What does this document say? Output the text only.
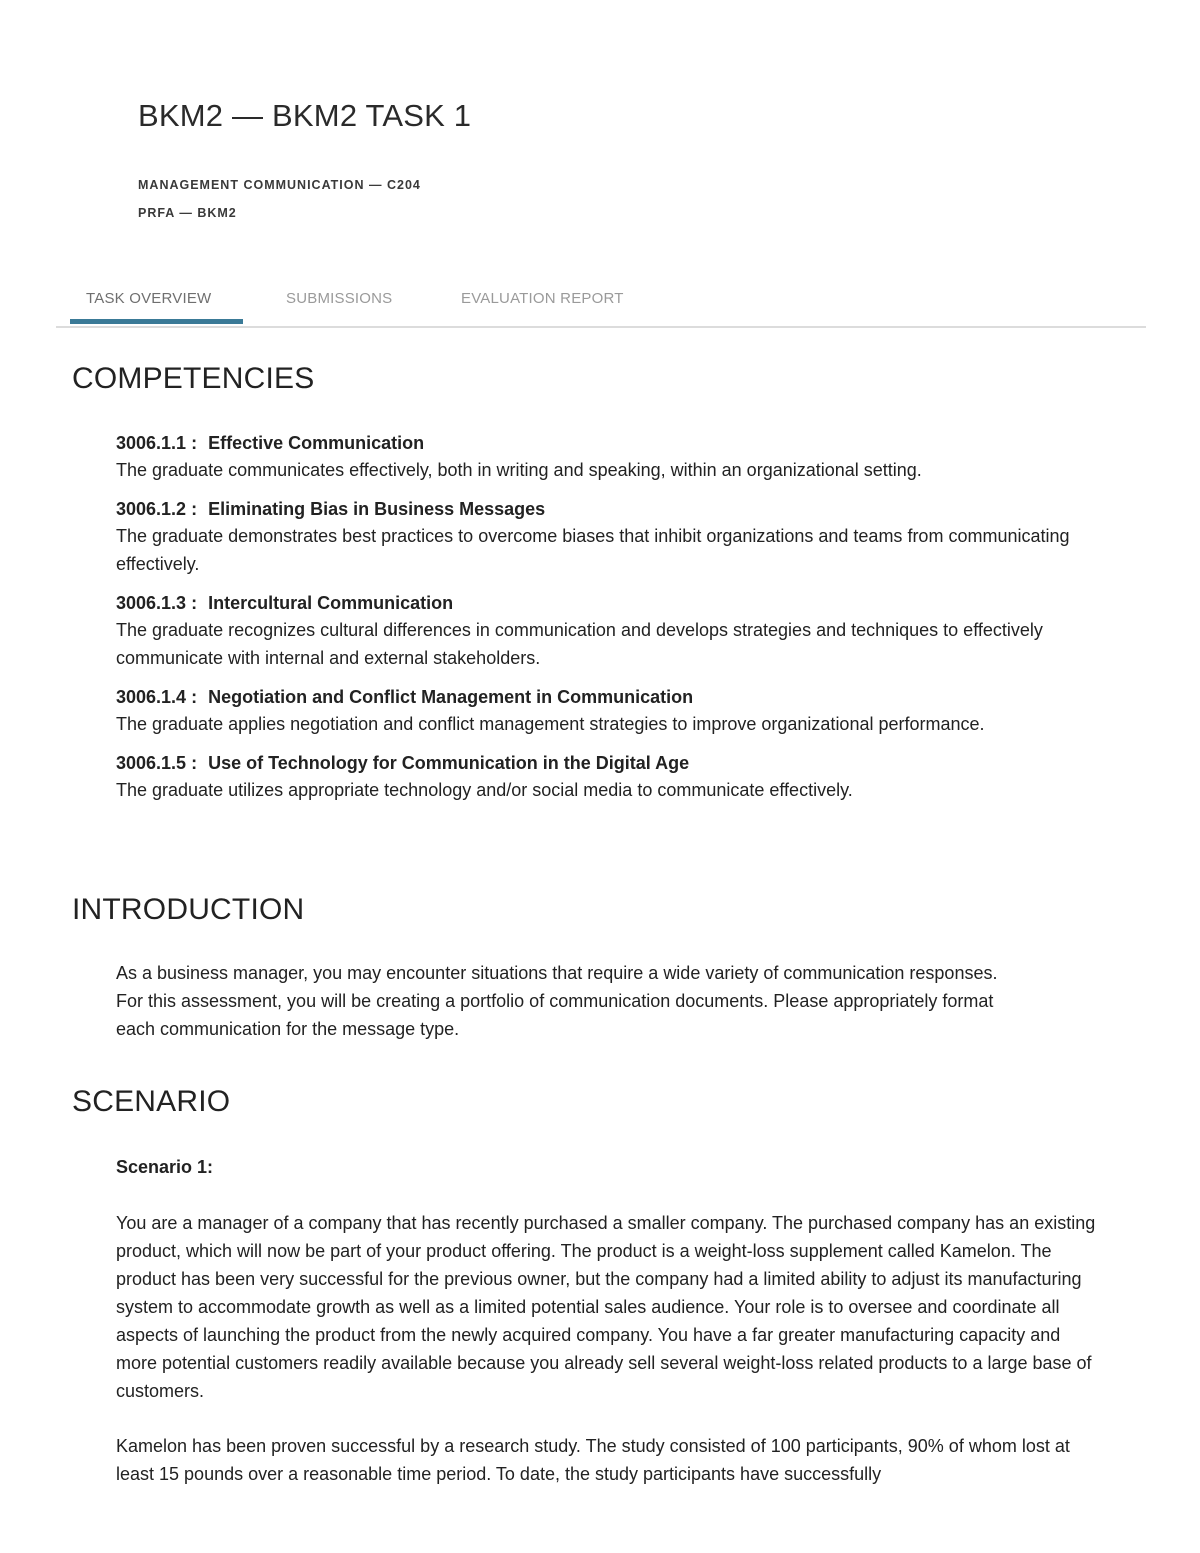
BKM2 — BKM2 TASK 1
MANAGEMENT COMMUNICATION — C204
PRFA — BKM2
TASK OVERVIEW	SUBMISSIONS	EVALUATION REPORT
COMPETENCIES
3006.1.1 : Effective Communication
The graduate communicates effectively, both in writing and speaking, within an organizational setting.
3006.1.2 : Eliminating Bias in Business Messages
The graduate demonstrates best practices to overcome biases that inhibit organizations and teams from communicating effectively.
3006.1.3 : Intercultural Communication
The graduate recognizes cultural differences in communication and develops strategies and techniques to effectively communicate with internal and external stakeholders.
3006.1.4 : Negotiation and Conflict Management in Communication
The graduate applies negotiation and conflict management strategies to improve organizational performance.
3006.1.5 : Use of Technology for Communication in the Digital Age
The graduate utilizes appropriate technology and/or social media to communicate effectively.
INTRODUCTION

As a business manager, you may encounter situations that require a wide variety of communication responses. For this assessment, you will be creating a portfolio of communication documents. Please appropriately format each communication for the message type.

SCENARIO

Scenario 1:

You are a manager of a company that has recently purchased a smaller company. The purchased company has an existing product, which will now be part of your product offering. The product is a weight-loss supplement called Kamelon. The product has been very successful for the previous owner, but the company had a limited ability to adjust its manufacturing system to accommodate growth as well as a limited potential sales audience. Your role is to oversee and coordinate all aspects of launching the product from the newly acquired company. You have a far greater manufacturing capacity and more potential customers readily available because you already sell several weight-loss related products to a large base of customers.

Kamelon has been proven successful by a research study. The study consisted of 100 participants, 90% of whom lost at least 15 pounds over a reasonable time period. To date, the study participants have successfully
